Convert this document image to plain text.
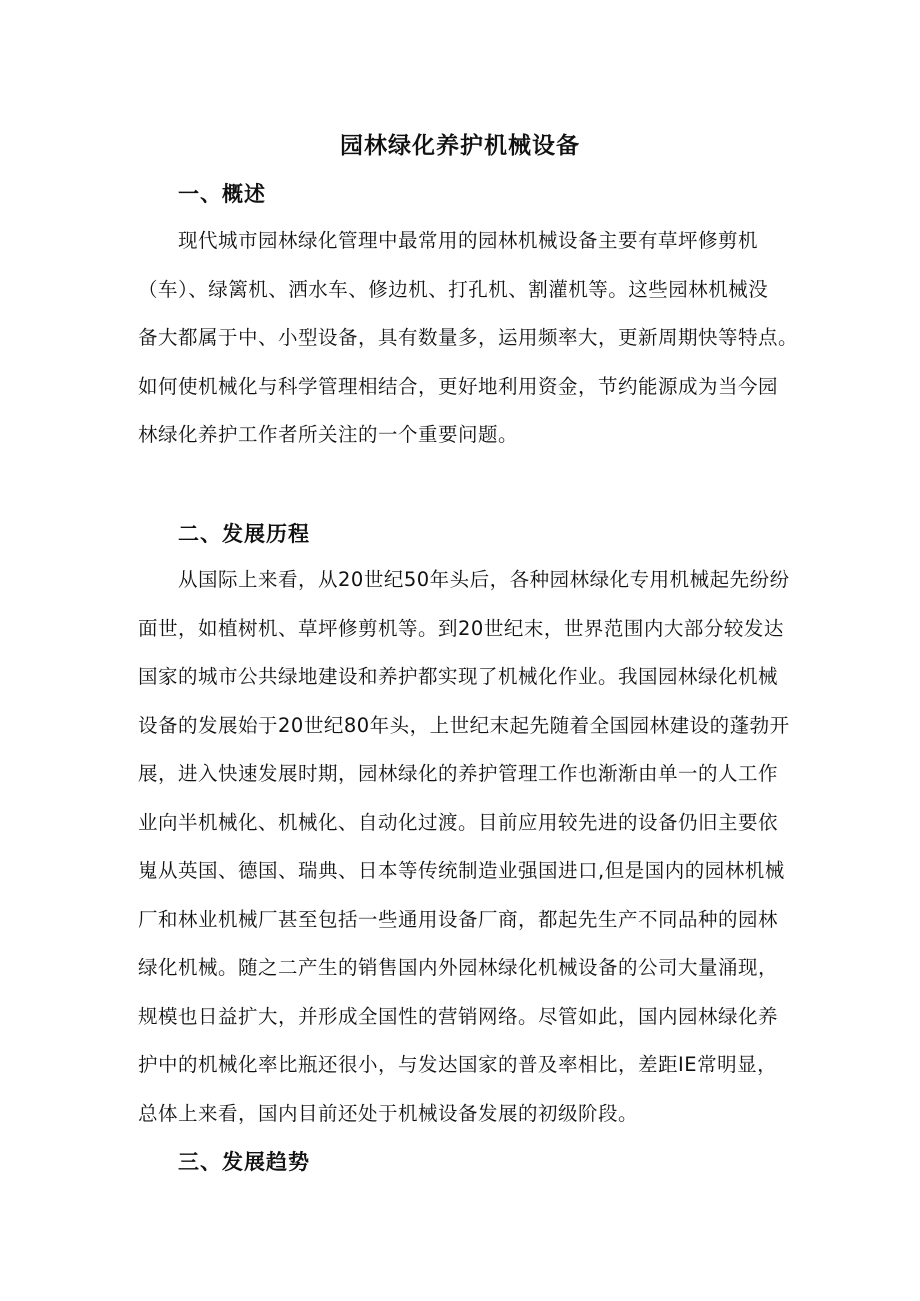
园林绿化养护机械设备
一、概述
现代城市园林绿化管理中最常用的园林机械设备主要有草坪修剪机
（车）、绿篱机、洒水车、修边机、打孔机、割灌机等。这些园林机械没
备大都属于中、小型设备，具有数量多，运用频率大，更新周期快等特点。
如何使机械化与科学管理相结合，更好地利用资金，节约能源成为当今园
林绿化养护工作者所关注的一个重要问题。
二、发展历程
从国际上来看，从20世纪50年头后，各种园林绿化专用机械起先纷纷
面世，如植树机、草坪修剪机等。到20世纪末，世界范围内大部分较发达
国家的城市公共绿地建设和养护都实现了机械化作业。我国园林绿化机械
设备的发展始于20世纪80年头，上世纪末起先随着全国园林建设的蓬勃开
展，进入快速发展时期，园林绿化的养护管理工作也渐渐由单一的人工作
业向半机械化、机械化、自动化过渡。目前应用较先进的设备仍旧主要依
嵬从英国、德国、瑞典、日本等传统制造业强国进口,但是国内的园林机械
厂和林业机械厂甚至包括一些通用设备厂商，都起先生产不同品种的园林
绿化机械。随之二产生的销售国内外园林绿化机械设备的公司大量涌现，
规模也日益扩大，并形成全国性的营销网络。尽管如此，国内园林绿化养
护中的机械化率比瓶还很小，与发达国家的普及率相比，差距IE常明显，
总体上来看，国内目前还处于机械设备发展的初级阶段。
三、发展趋势
